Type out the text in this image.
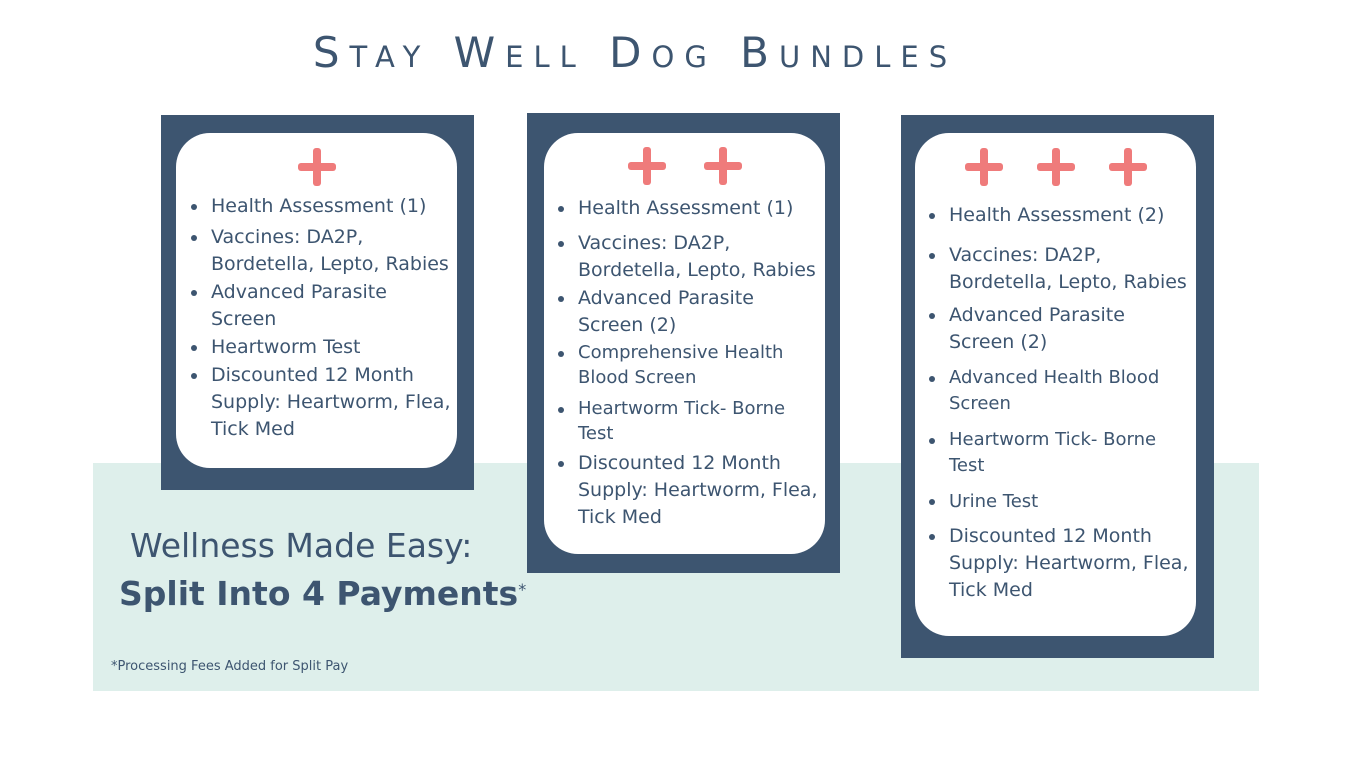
Stay Well Dog Bundles
Health Assessment (1)
Vaccines: DA2P, Bordetella, Lepto, Rabies
Advanced Parasite Screen
Heartworm Test
Discounted 12 Month Supply: Heartworm, Flea, Tick Med
Health Assessment (1)
Vaccines: DA2P, Bordetella, Lepto, Rabies
Advanced Parasite Screen (2)
Comprehensive Health Blood Screen
Heartworm Tick- Borne Test
Discounted 12 Month Supply: Heartworm, Flea, Tick Med
Health Assessment (2)
Vaccines: DA2P, Bordetella, Lepto, Rabies
Advanced Parasite Screen (2)
Advanced Health Blood Screen
Heartworm Tick- Borne Test
Urine Test
Discounted 12 Month Supply: Heartworm, Flea, Tick Med
Wellness Made Easy:
Split Into 4 Payments*
*Processing Fees Added for Split Pay
